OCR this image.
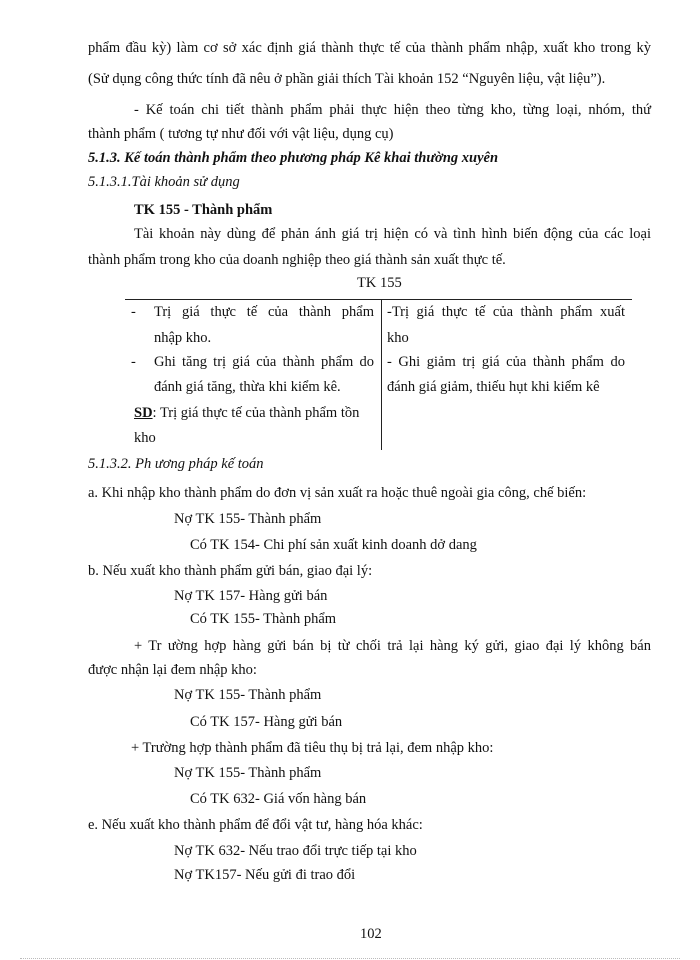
phẩm đầu kỳ) làm cơ sở xác định giá thành thực tế của thành phẩm nhập, xuất kho trong kỳ
(Sử dụng công thức tính đã nêu ở phần giải thích Tài khoản 152 “Nguyên liệu, vật liệu”).
- Kế toán chi tiết thành phẩm phải thực hiện theo từng kho, từng loại, nhóm, thứ
thành phẩm ( tương tự như đối với vật liệu, dụng cụ)
5.1.3. Kế toán thành phẩm theo phương pháp Kê khai thường xuyên
5.1.3.1.Tài khoản sử dụng
TK 155 - Thành phẩm
Tài khoản này dùng để phản ánh giá trị hiện có và tình hình biến động của các loại
thành phẩm trong kho của doanh nghiệp theo giá thành sản xuất thực tế.
TK 155
- Trị giá thực tế của thành phẩm
nhập kho.
- Ghi tăng trị giá của thành phẩm do
đánh giá tăng, thừa khi kiểm kê.
SD: Trị giá thực tế của thành phẩm tồn
kho
-Trị giá thực tế của thành phẩm xuất
kho
- Ghi giảm trị giá của thành phẩm do
đánh giá giảm, thiếu hụt khi kiểm kê
5.1.3.2. Ph ương pháp kế toán
a. Khi nhập kho thành phẩm do đơn vị sản xuất ra hoặc thuê ngoài gia công, chế biến:
Nợ TK 155- Thành phẩm
Có TK 154- Chi phí sản xuất kinh doanh dở dang
b. Nếu xuất kho thành phẩm gửi bán, giao đại lý:
Nợ TK 157- Hàng gửi bán
Có TK 155- Thành phẩm
+ Tr ường hợp hàng gửi bán bị từ chối trả lại hàng ký gửi, giao đại lý không bán
được nhận lại đem nhập kho:
Nợ TK 155- Thành phẩm
Có TK 157- Hàng gửi bán
+ Trường hợp thành phẩm đã tiêu thụ bị trả lại, đem nhập kho:
Nợ TK 155- Thành phẩm
Có TK 632- Giá vốn hàng bán
e. Nếu xuất kho thành phẩm để đổi vật tư, hàng hóa khác:
Nợ TK 632- Nếu trao đổi trực tiếp tại kho
Nợ TK157- Nếu gửi đi trao đổi
102
